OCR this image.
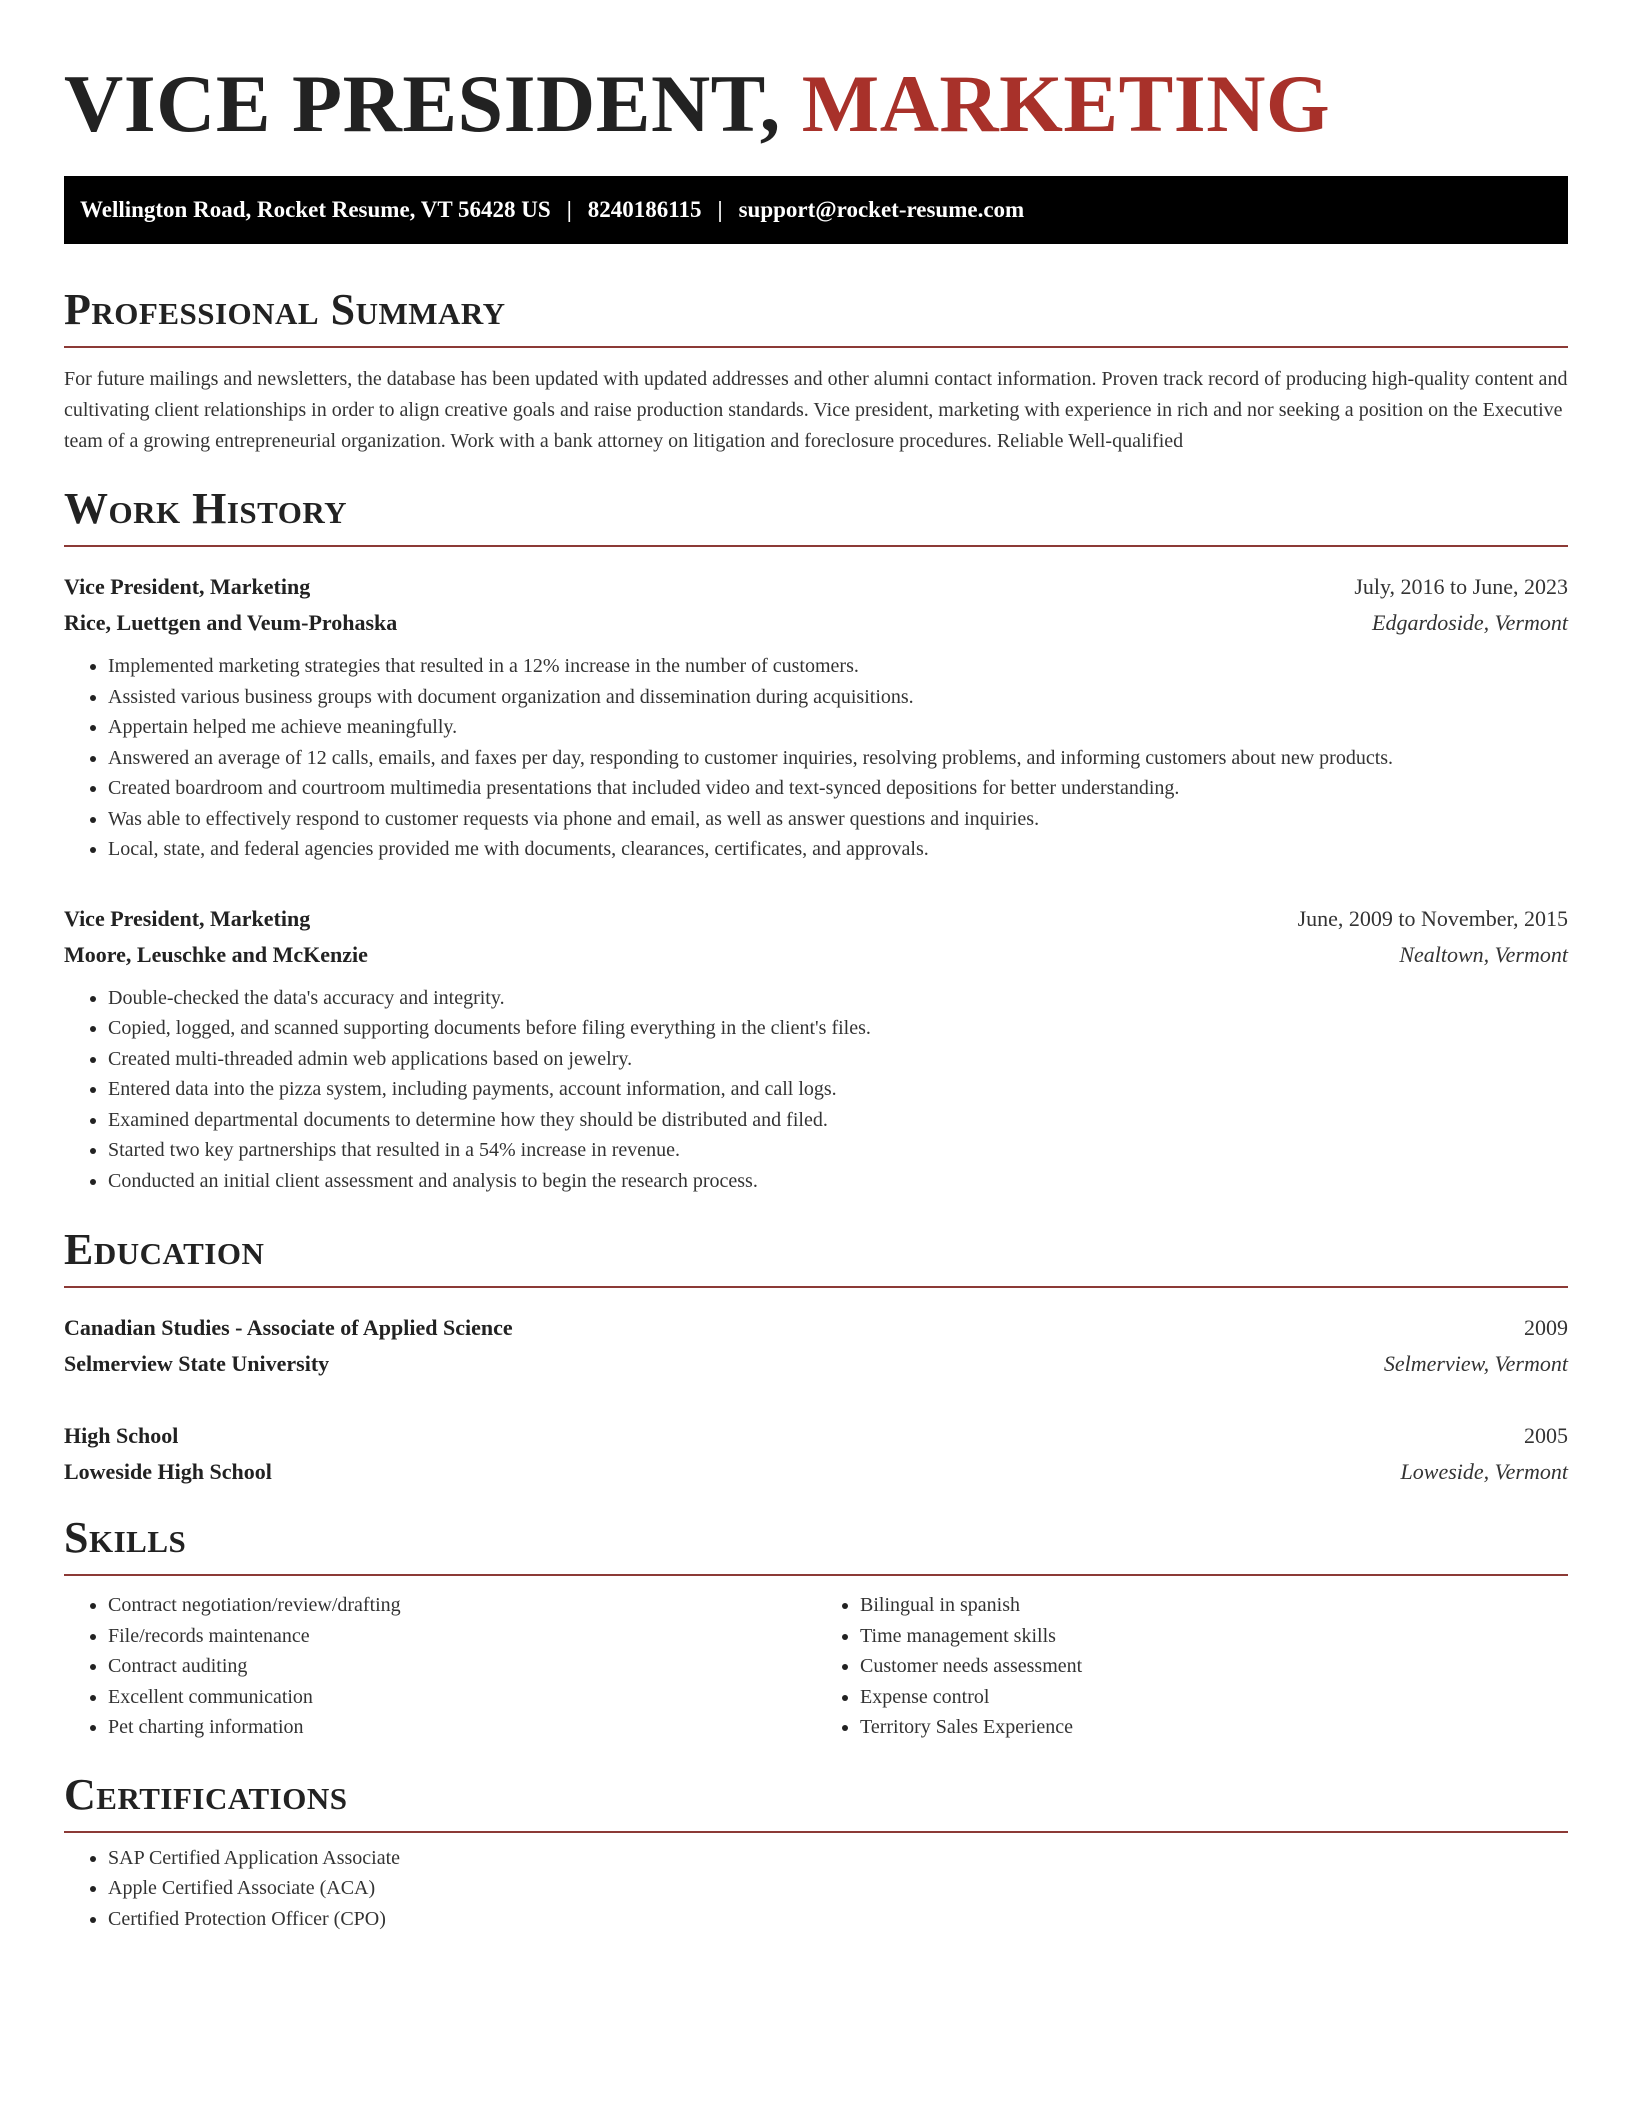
VICE PRESIDENT, MARKETING
Wellington Road, Rocket Resume, VT 56428 US | 8240186115 | support@rocket-resume.com
Professional Summary

For future mailings and newsletters, the database has been updated with updated addresses and other alumni contact information. Proven track record of producing high-quality content and cultivating client relationships in order to align creative goals and raise production standards. Vice president, marketing with experience in rich and nor seeking a position on the Executive team of a growing entrepreneurial organization. Work with a bank attorney on litigation and foreclosure procedures. Reliable Well-qualified

Work History
Vice President, Marketing	July, 2016 to June, 2023
Rice, Luettgen and Veum-Prohaska	Edgardoside, Vermont
• Implemented marketing strategies that resulted in a 12% increase in the number of customers.
• Assisted various business groups with document organization and dissemination during acquisitions.
• Appertain helped me achieve meaningfully.
• Answered an average of 12 calls, emails, and faxes per day, responding to customer inquiries, resolving problems, and informing customers about new products.
• Created boardroom and courtroom multimedia presentations that included video and text-synced depositions for better understanding.
• Was able to effectively respond to customer requests via phone and email, as well as answer questions and inquiries.
• Local, state, and federal agencies provided me with documents, clearances, certificates, and approvals.
Vice President, Marketing	June, 2009 to November, 2015
Moore, Leuschke and McKenzie	Nealtown, Vermont
• Double-checked the data's accuracy and integrity.
• Copied, logged, and scanned supporting documents before filing everything in the client's files.
• Created multi-threaded admin web applications based on jewelry.
• Entered data into the pizza system, including payments, account information, and call logs.
• Examined departmental documents to determine how they should be distributed and filed.
• Started two key partnerships that resulted in a 54% increase in revenue.
• Conducted an initial client assessment and analysis to begin the research process.
Education
Canadian Studies - Associate of Applied Science	2009
Selmerview State University	Selmerview, Vermont
High School	2005
Loweside High School	Loweside, Vermont
Skills
• Contract negotiation/review/drafting
• File/records maintenance
• Contract auditing
• Excellent communication
• Pet charting information
• Bilingual in spanish
• Time management skills
• Customer needs assessment
• Expense control
• Territory Sales Experience
Certifications
• SAP Certified Application Associate
• Apple Certified Associate (ACA)
• Certified Protection Officer (CPO)
